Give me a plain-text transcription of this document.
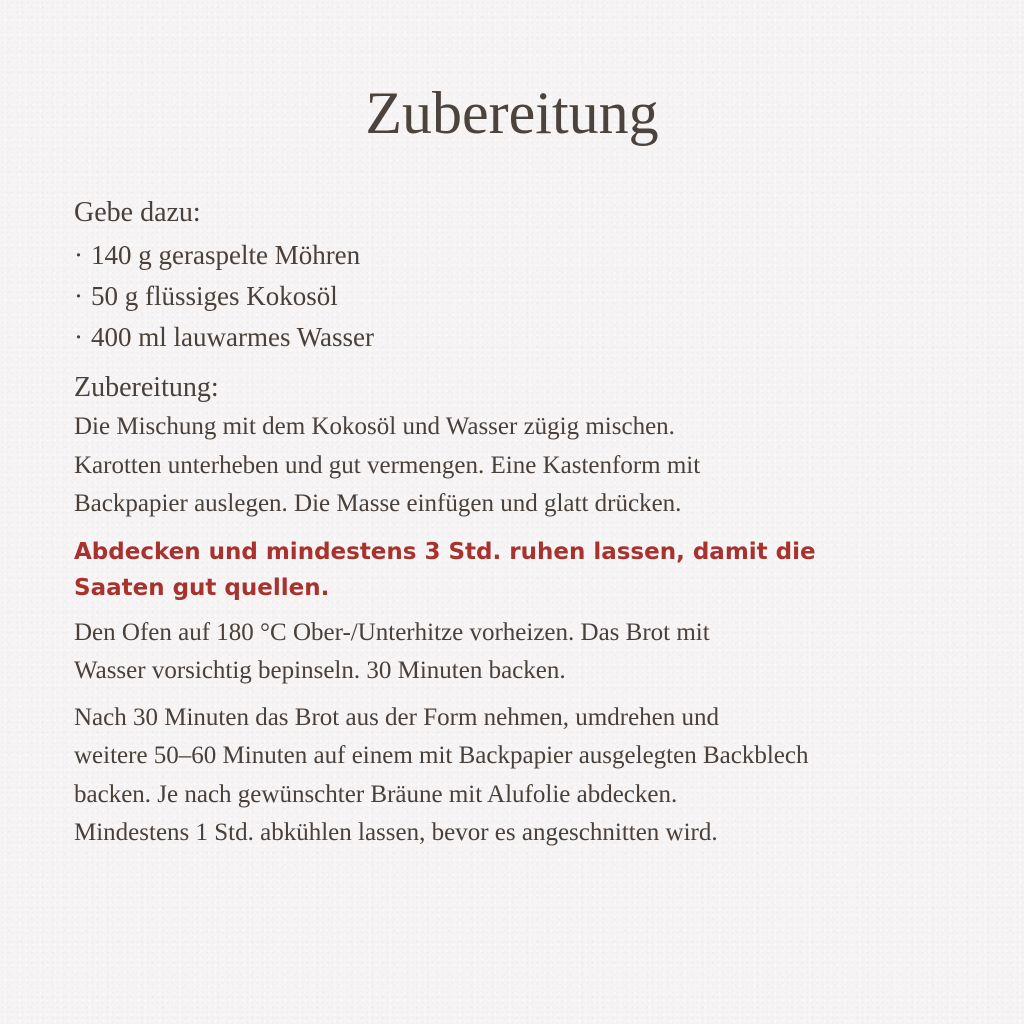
Zubereitung
Gebe dazu:
· 140 g geraspelte Möhren
· 50 g flüssiges Kokosöl
· 400 ml lauwarmes Wasser
Zubereitung:

Die Mischung mit dem Kokosöl und Wasser zügig mischen.
Karotten unterheben und gut vermengen. Eine Kastenform mit
Backpapier auslegen. Die Masse einfügen und glatt drücken.

Abdecken und mindestens 3 Std. ruhen lassen, damit die
Saaten gut quellen.

Den Ofen auf 180 °C Ober-/Unterhitze vorheizen. Das Brot mit
Wasser vorsichtig bepinseln. 30 Minuten backen.

Nach 30 Minuten das Brot aus der Form nehmen, umdrehen und
weitere 50–60 Minuten auf einem mit Backpapier ausgelegten Backblech
backen. Je nach gewünschter Bräune mit Alufolie abdecken.
Mindestens 1 Std. abkühlen lassen, bevor es angeschnitten wird.
